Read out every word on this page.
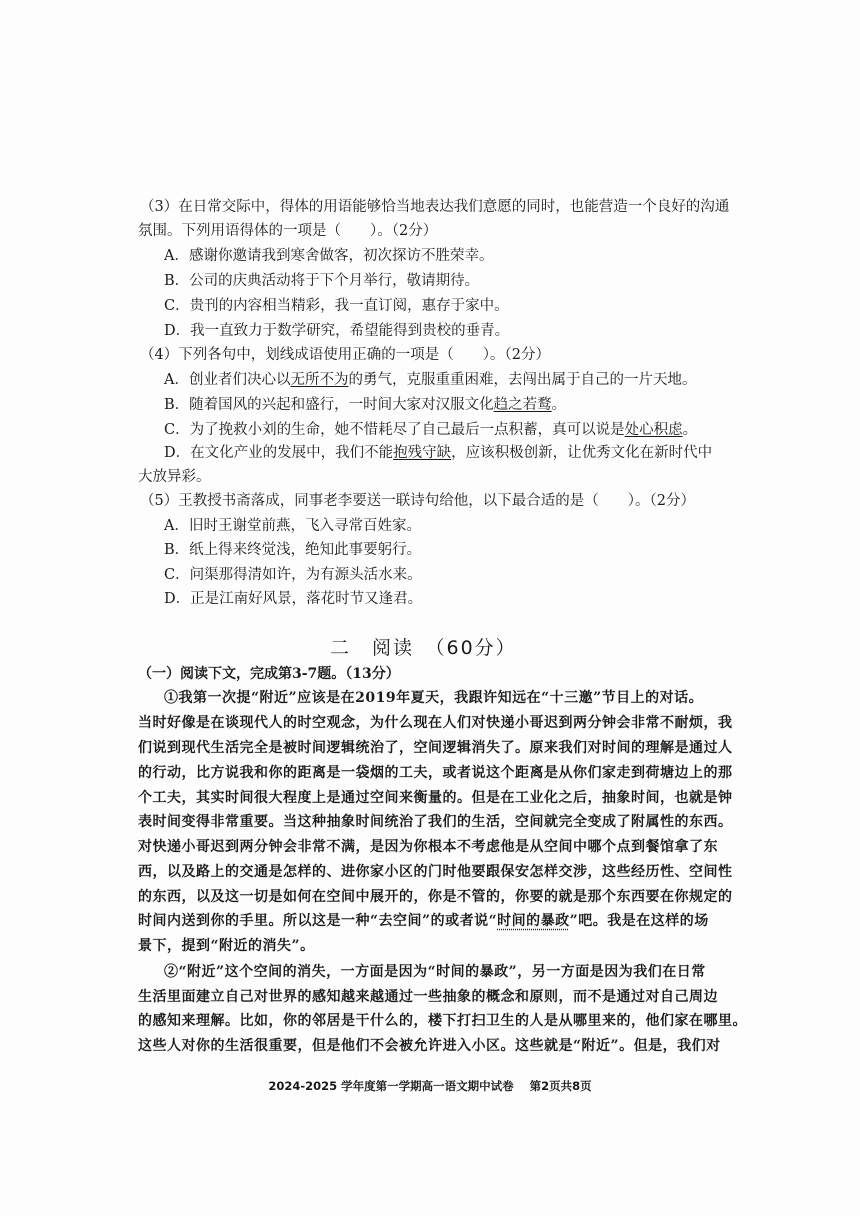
（3）在日常交际中，得体的用语能够恰当地表达我们意愿的同时，也能营造一个良好的沟通
氛围。下列用语得体的一项是（　　）。（2分）
A．感谢你邀请我到寒舍做客，初次探访不胜荣幸。
B．公司的庆典活动将于下个月举行，敬请期待。
C．贵刊的内容相当精彩，我一直订阅，惠存于家中。
D．我一直致力于数学研究，希望能得到贵校的垂青。
（4）下列各句中，划线成语使用正确的一项是（　　）。（2分）
A．创业者们决心以无所不为的勇气，克服重重困难，去闯出属于自己的一片天地。
B．随着国风的兴起和盛行，一时间大家对汉服文化趋之若鹜。
C．为了挽救小刘的生命，她不惜耗尽了自己最后一点积蓄，真可以说是处心积虑。
D．在文化产业的发展中，我们不能抱残守缺，应该积极创新，让优秀文化在新时代中
大放异彩。
（5）王教授书斋落成，同事老李要送一联诗句给他，以下最合适的是（　　）。（2分）
A．旧时王谢堂前燕，飞入寻常百姓家。
B．纸上得来终觉浅，绝知此事要躬行。
C．问渠那得清如许，为有源头活水来。
D．正是江南好风景，落花时节又逢君。
二　阅读　（60分）
（一）阅读下文，完成第3-7题。（13分）
①我第一次提“附近”应该是在2019年夏天，我跟许知远在“十三邀”节目上的对话。
当时好像是在谈现代人的时空观念，为什么现在人们对快递小哥迟到两分钟会非常不耐烦，我
们说到现代生活完全是被时间逻辑统治了，空间逻辑消失了。原来我们对时间的理解是通过人
的行动，比方说我和你的距离是一袋烟的工夫，或者说这个距离是从你们家走到荷塘边上的那
个工夫，其实时间很大程度上是通过空间来衡量的。但是在工业化之后，抽象时间，也就是钟
表时间变得非常重要。当这种抽象时间统治了我们的生活，空间就完全变成了附属性的东西。
对快递小哥迟到两分钟会非常不满，是因为你根本不考虑他是从空间中哪个点到餐馆拿了东
西，以及路上的交通是怎样的、进你家小区的门时他要跟保安怎样交涉，这些经历性、空间性
的东西，以及这一切是如何在空间中展开的，你是不管的，你要的就是那个东西要在你规定的
时间内送到你的手里。所以这是一种“去空间”的或者说“时间的暴政”吧。我是在这样的场
景下，提到“附近的消失”。
②“附近”这个空间的消失，一方面是因为“时间的暴政”，另一方面是因为我们在日常
生活里面建立自己对世界的感知越来越通过一些抽象的概念和原则，而不是通过对自己周边
的感知来理解。比如，你的邻居是干什么的，楼下打扫卫生的人是从哪里来的，他们家在哪里。
这些人对你的生活很重要，但是他们不会被允许进入小区。这些就是“附近”。但是，我们对
2024-2025 学年度第一学期高一语文期中试卷 第2页共8页
